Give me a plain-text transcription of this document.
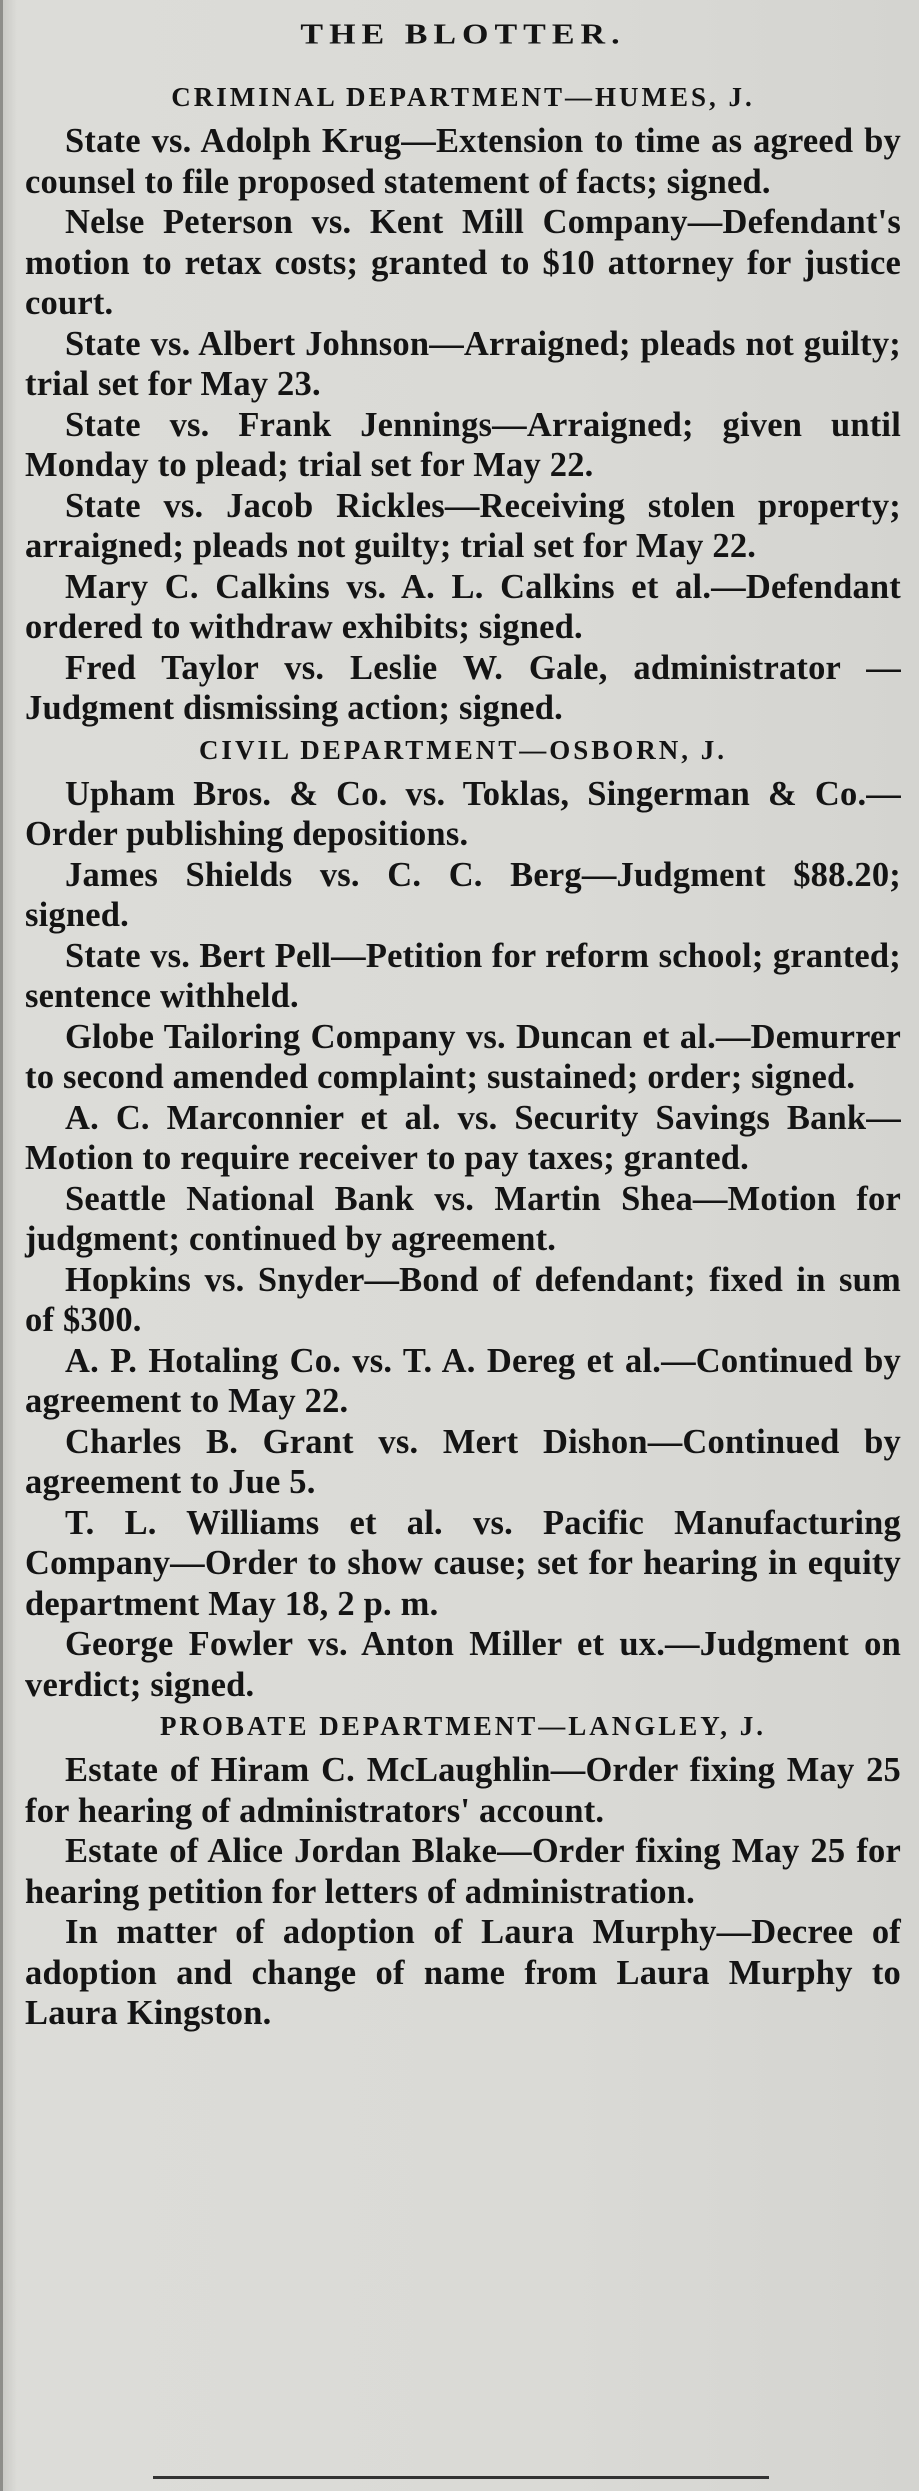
THE BLOTTER.
CRIMINAL DEPARTMENT—HUMES, J.

State vs. Adolph Krug—Extension to time as agreed by counsel to file proposed statement of facts; signed.

Nelse Peterson vs. Kent Mill Company—Defendant's motion to retax costs; granted to $10 attorney for justice court.

State vs. Albert Johnson—Arraigned; pleads not guilty; trial set for May 23.

State vs. Frank Jennings—Arraigned; given until Monday to plead; trial set for May 22.

State vs. Jacob Rickles—Receiving stolen property; arraigned; pleads not guilty; trial set for May 22.

Mary C. Calkins vs. A. L. Calkins et al.—Defendant ordered to withdraw exhibits; signed.

Fred Taylor vs. Leslie W. Gale, administrator — Judgment dismissing action; signed.

CIVIL DEPARTMENT—OSBORN, J.

Upham Bros. & Co. vs. Toklas, Singerman & Co.—Order publishing depositions.

James Shields vs. C. C. Berg—Judgment $88.20; signed.

State vs. Bert Pell—Petition for reform school; granted; sentence withheld.

Globe Tailoring Company vs. Duncan et al.—Demurrer to second amended complaint; sustained; order; signed.

A. C. Marconnier et al. vs. Security Savings Bank—Motion to require receiver to pay taxes; granted.

Seattle National Bank vs. Martin Shea—Motion for judgment; continued by agreement.

Hopkins vs. Snyder—Bond of defendant; fixed in sum of $300.

A. P. Hotaling Co. vs. T. A. Dereg et al.—Continued by agreement to May 22.

Charles B. Grant vs. Mert Dishon—Continued by agreement to Jue 5.

T. L. Williams et al. vs. Pacific Manufacturing Company—Order to show cause; set for hearing in equity department May 18, 2 p. m.

George Fowler vs. Anton Miller et ux.—Judgment on verdict; signed.

PROBATE DEPARTMENT—LANGLEY, J.

Estate of Hiram C. McLaughlin—Order fixing May 25 for hearing of administrators' account.

Estate of Alice Jordan Blake—Order fixing May 25 for hearing petition for letters of administration.

In matter of adoption of Laura Murphy—Decree of adoption and change of name from Laura Murphy to Laura Kingston.
